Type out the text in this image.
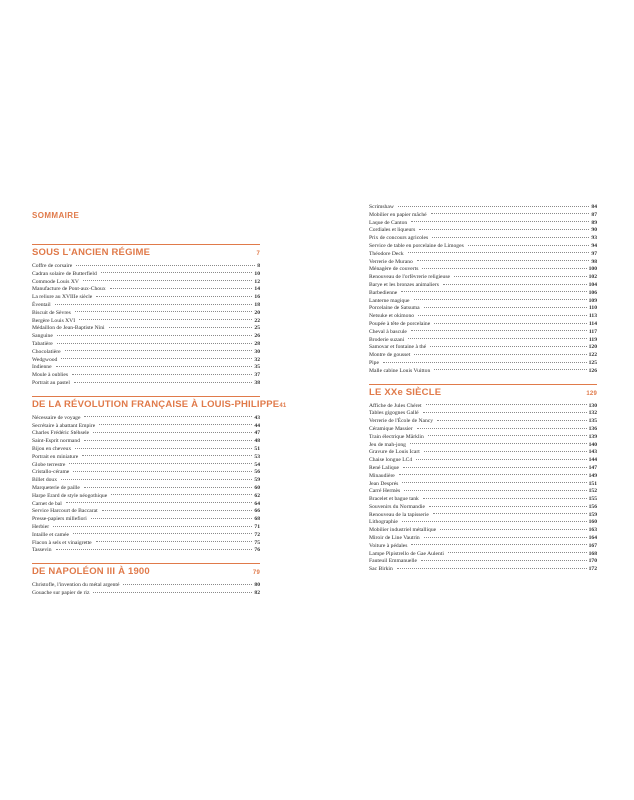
SOMMAIRE
SOUS L'ANCIEN RÉGIME	7
Coffre de corsaire	8
Cadran solaire de Butterfield	10
Commode Louis XV	12
Manufacture de Pont-aux-Choux	14
La reliure au XVIIIe siècle	16
Éventail	18
Biscuit de Sèvres	20
Bergère Louis XVI	22
Médaillon de Jean-Baptiste Nini	25
Sanguine	26
Tabatière	28
Chocolatière	30
Wedgwood	32
Indienne	35
Moule à oublies	37
Portrait au pastel	38
DE LA RÉVOLUTION FRANÇAISE À LOUIS-PHILIPPE 41
Nécessaire de voyage	43
Secrétaire à abattant Empire	44
Charles Frédéric Stéhsele	47
Saint-Esprit normand	48
Bijou en cheveux	51
Portrait en miniature	53
Globe terrestre	54
Cristallo-cérame	56
Billet doux	59
Marqueterie de paille	60
Harpe Erard de style néogothique	62
Carnet de bal	64
Service Harcourt de Baccarat	66
Presse-papiers millefiori	68
Herbier	71
Intaille et camée	72
Flacon à sels et vinaigrette	75
Tassevin	76
DE NAPOLÉON III À 1900	79
Christofle, l'invention du métal argenté	80
Gouache sur papier de riz	82
Scrimshaw	84
Mobilier en papier mâché	87
Laque de Canton	89
Cordiales et liqueurs	90
Prix de concours agricoles	93
Service de table en porcelaine de Limoges	94
Théodore Deck	97
Verrerie de Murano	98
Ménagère de couverts	100
Renouveau de l'orfèvrerie religieuse	102
Barye et les bronzes animaliers	104
Barbedienne	106
Lanterne magique	109
Porcelaine de Satsuma	110
Netsuke et okimono	113
Poupée à tête de porcelaine	114
Cheval à bascule	117
Broderie suzani	119
Samovar et fontaine à thé	120
Montre de gousset	122
Pipe	125
Malle cabine Louis Vuitton	126
LE XXe SIÈCLE	129
Affiche de Jules Chéret	130
Tables gigognes Gallé	132
Verrerie de l'École de Nancy	135
Céramique Massier	136
Train électrique Märklin	139
Jeu de mah-jong	140
Gravure de Louis Icart	143
Chaise longue LC4	144
René Lalique	147
Minaudière	149
Jean Després	151
Carré Hermès	152
Bracelet et bague tank	155
Souvenirs du Normandie	156
Renouveau de la tapisserie	159
Lithographie	160
Mobilier industriel métallique	163
Miroir de Line Vautrin	164
Voiture à pédales	167
Lampe Pipistrello de Gae Aulenti	168
Fauteuil Emmanuelle	170
Sac Birkin	172
